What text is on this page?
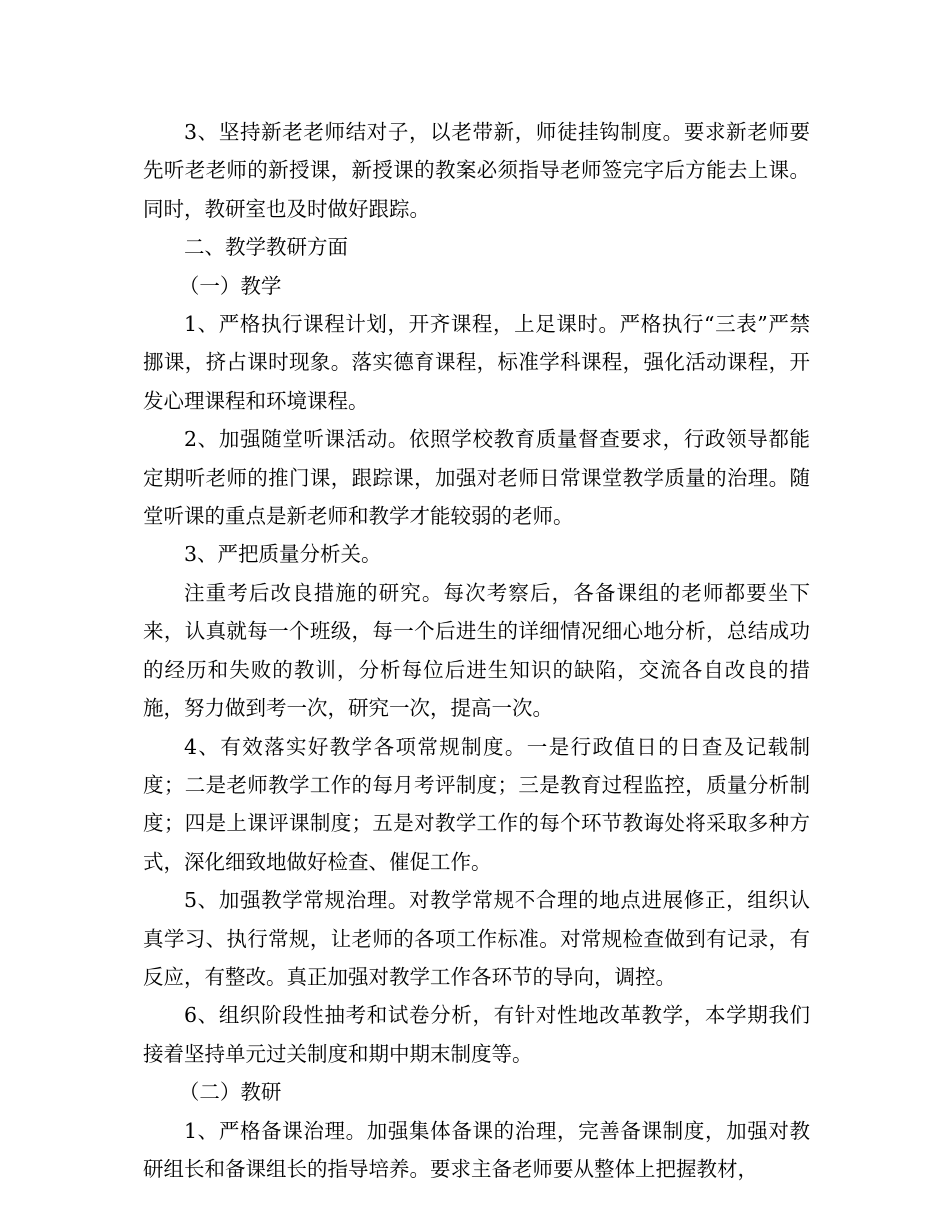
3、坚持新老老师结对子，以老带新，师徒挂钩制度。要求新老师要先听老老师的新授课，新授课的教案必须指导老师签完字后方能去上课。同时，教研室也及时做好跟踪。

二、教学教研方面

（一）教学

1、严格执行课程计划，开齐课程，上足课时。严格执行“三表”严禁挪课，挤占课时现象。落实德育课程，标准学科课程，强化活动课程，开发心理课程和环境课程。

2、加强随堂听课活动。依照学校教育质量督查要求，行政领导都能定期听老师的推门课，跟踪课，加强对老师日常课堂教学质量的治理。随堂听课的重点是新老师和教学才能较弱的老师。

3、严把质量分析关。

注重考后改良措施的研究。每次考察后，各备课组的老师都要坐下来，认真就每一个班级，每一个后进生的详细情况细心地分析，总结成功的经历和失败的教训，分析每位后进生知识的缺陷，交流各自改良的措施，努力做到考一次，研究一次，提高一次。

4、有效落实好教学各项常规制度。一是行政值日的日查及记载制度；二是老师教学工作的每月考评制度；三是教育过程监控，质量分析制度；四是上课评课制度；五是对教学工作的每个环节教诲处将采取多种方式，深化细致地做好检查、催促工作。

5、加强教学常规治理。对教学常规不合理的地点进展修正，组织认真学习、执行常规，让老师的各项工作标准。对常规检查做到有记录，有反应，有整改。真正加强对教学工作各环节的导向，调控。

6、组织阶段性抽考和试卷分析，有针对性地改革教学，本学期我们接着坚持单元过关制度和期中期末制度等。

（二）教研

1、严格备课治理。加强集体备课的治理，完善备课制度，加强对教研组长和备课组长的指导培养。要求主备老师要从整体上把握教材，
